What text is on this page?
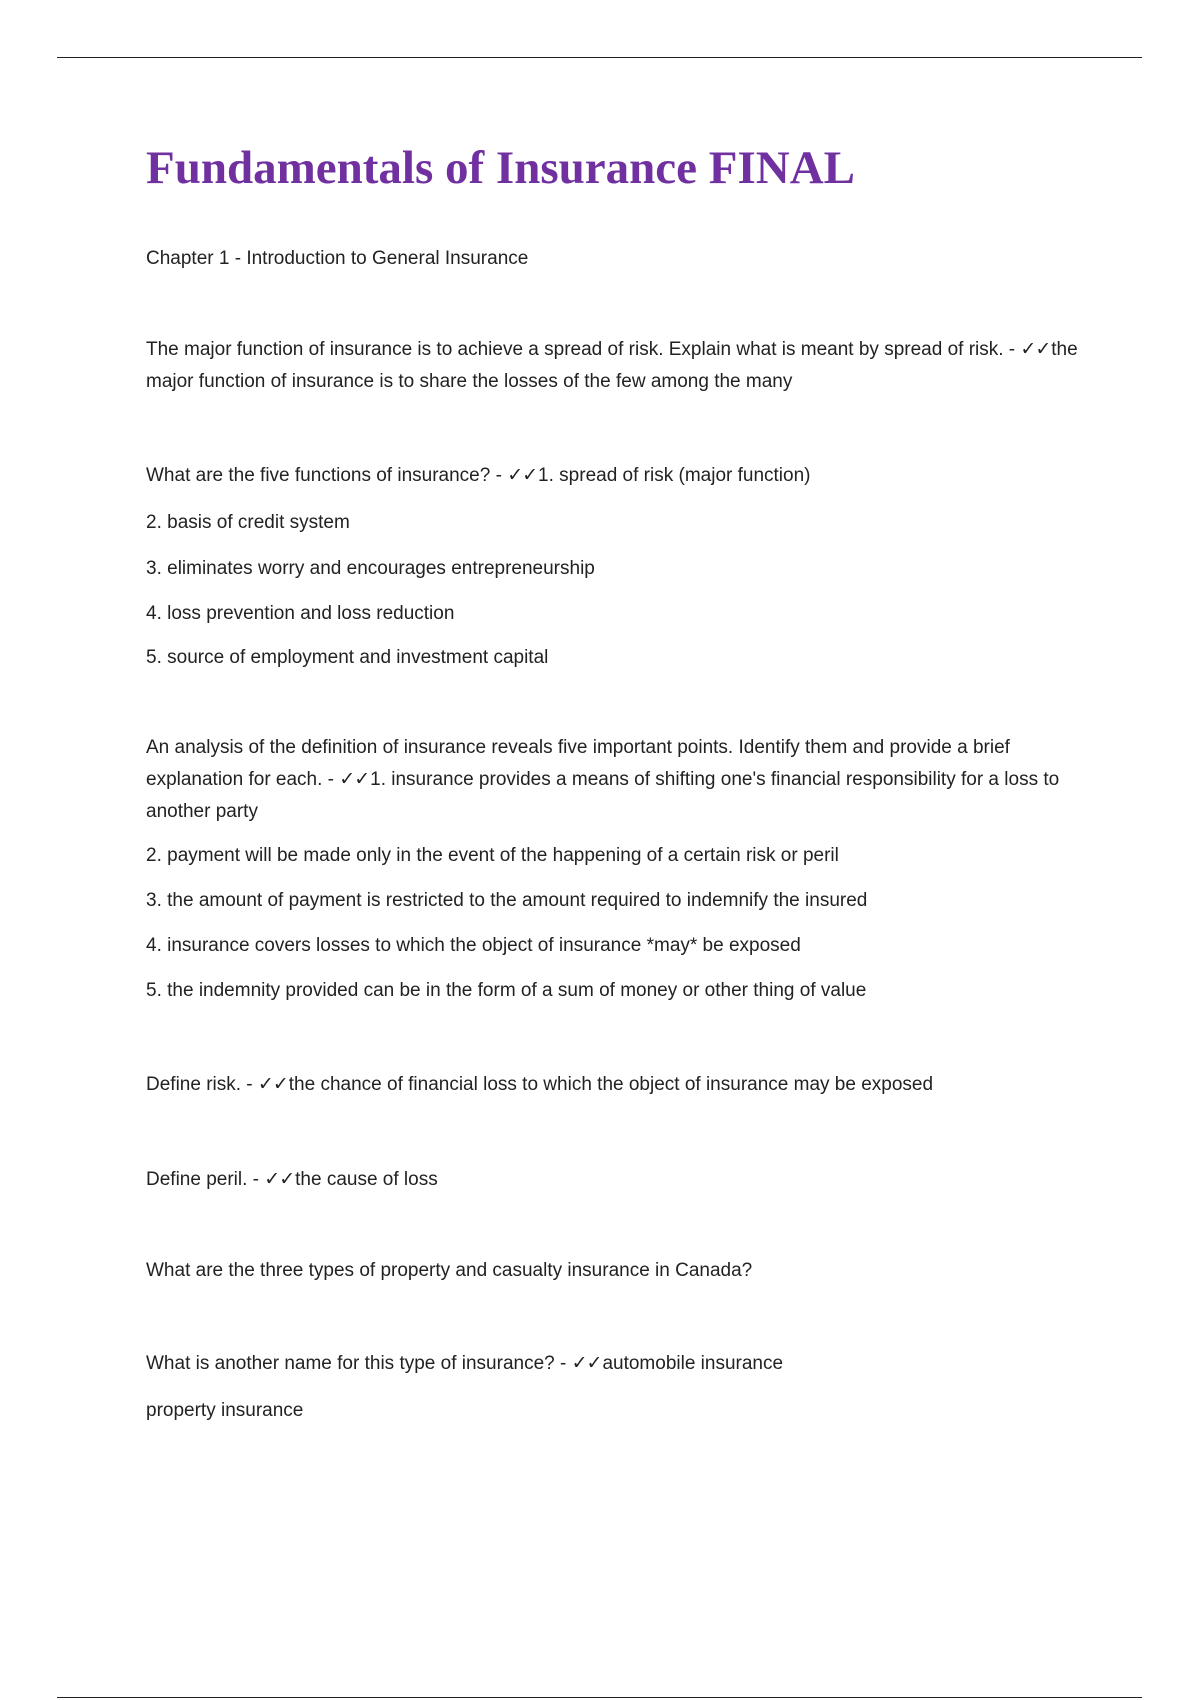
Fundamentals of Insurance FINAL

Chapter 1 - Introduction to General Insurance

The major function of insurance is to achieve a spread of risk. Explain what is meant by spread of risk. - ✓✓the major function of insurance is to share the losses of the few among the many

What are the five functions of insurance? - ✓✓1. spread of risk (major function)

2. basis of credit system

3. eliminates worry and encourages entrepreneurship

4. loss prevention and loss reduction

5. source of employment and investment capital

An analysis of the definition of insurance reveals five important points. Identify them and provide a brief explanation for each. - ✓✓1. insurance provides a means of shifting one's financial responsibility for a loss to another party

2. payment will be made only in the event of the happening of a certain risk or peril

3. the amount of payment is restricted to the amount required to indemnify the insured

4. insurance covers losses to which the object of insurance *may* be exposed

5. the indemnity provided can be in the form of a sum of money or other thing of value

Define risk. - ✓✓the chance of financial loss to which the object of insurance may be exposed

Define peril. - ✓✓the cause of loss

What are the three types of property and casualty insurance in Canada?

What is another name for this type of insurance? - ✓✓automobile insurance

property insurance
